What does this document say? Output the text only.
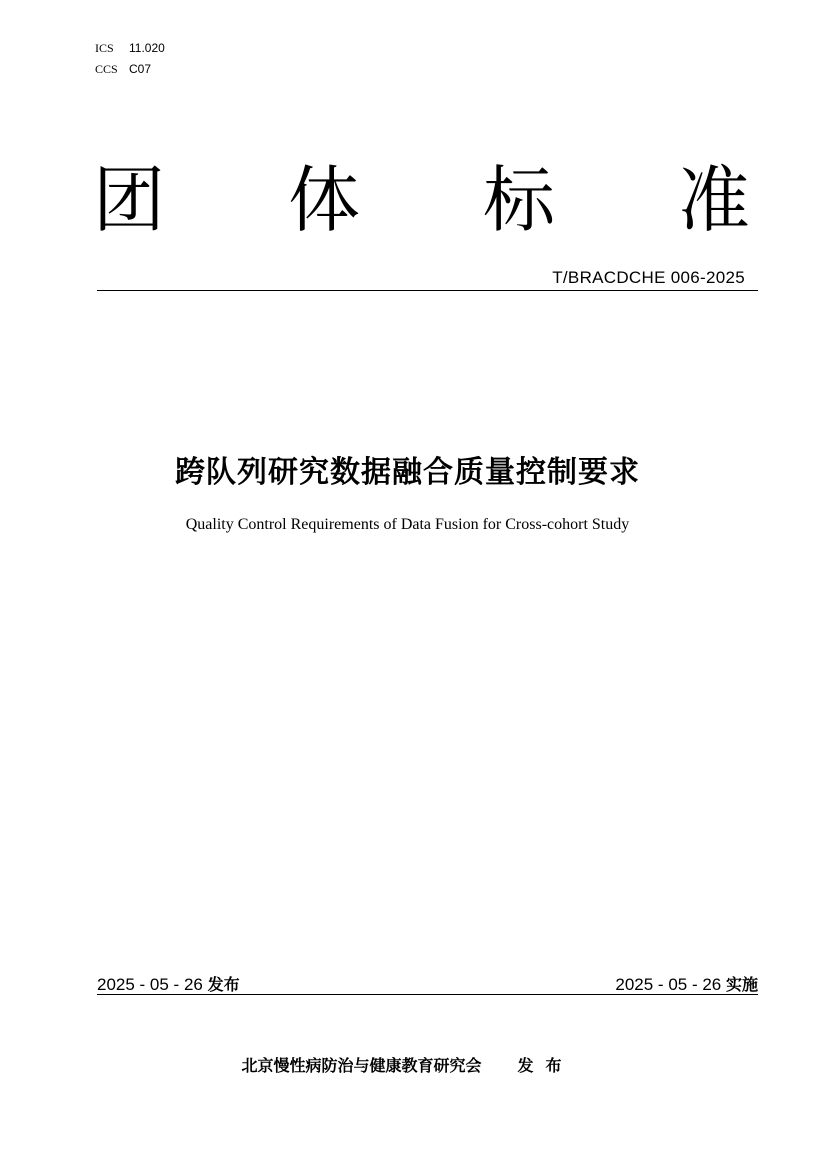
ICS 11.020
CCS C07
团 体 标 准
T/BRACDCHE 006-2025
跨队列研究数据融合质量控制要求
Quality Control Requirements of Data Fusion for Cross-cohort Study
2025 - 05 - 26 发布	2025 - 05 - 26 实施
北京慢性病防治与健康教育研究会 发布
